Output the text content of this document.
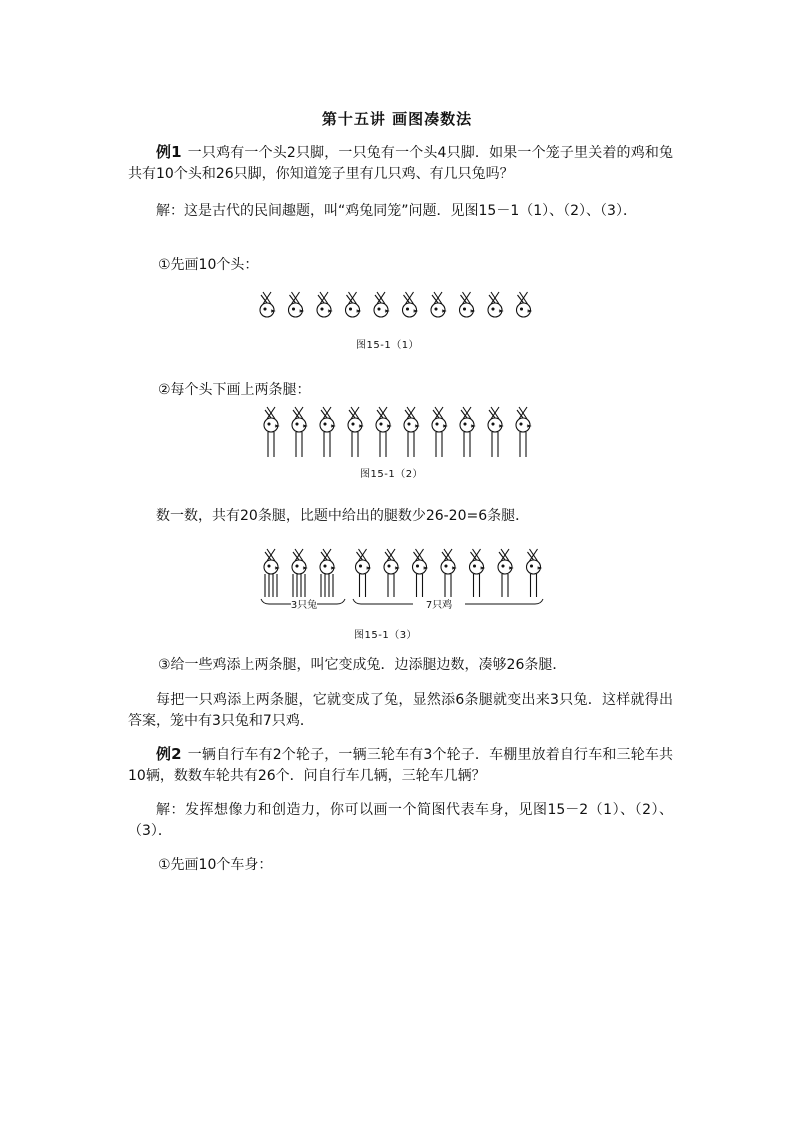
第十五讲 画图凑数法
例1 一只鸡有一个头2只脚，一只兔有一个头4只脚．如果一个笼子里关着的鸡和兔共有10个头和26只脚，你知道笼子里有几只鸡、有几只兔吗？
解：这是古代的民间趣题，叫“鸡兔同笼”问题．见图15－1（1）、（2）、（3）．
①先画10个头：
图15-1（1）
②每个头下画上两条腿：
图15-1（2）
数一数，共有20条腿，比题中给出的腿数少26-20=6条腿．
3只兔	7只鸡
图15-1（3）
③给一些鸡添上两条腿，叫它变成兔．边添腿边数，凑够26条腿．
每把一只鸡添上两条腿，它就变成了兔，显然添6条腿就变出来3只兔．这样就得出答案，笼中有3只兔和7只鸡．
例2 一辆自行车有2个轮子，一辆三轮车有3个轮子．车棚里放着自行车和三轮车共10辆，数数车轮共有26个．问自行车几辆，三轮车几辆？
解：发挥想像力和创造力，你可以画一个简图代表车身，见图15－2（1）、（2）、（3）．
①先画10个车身：
